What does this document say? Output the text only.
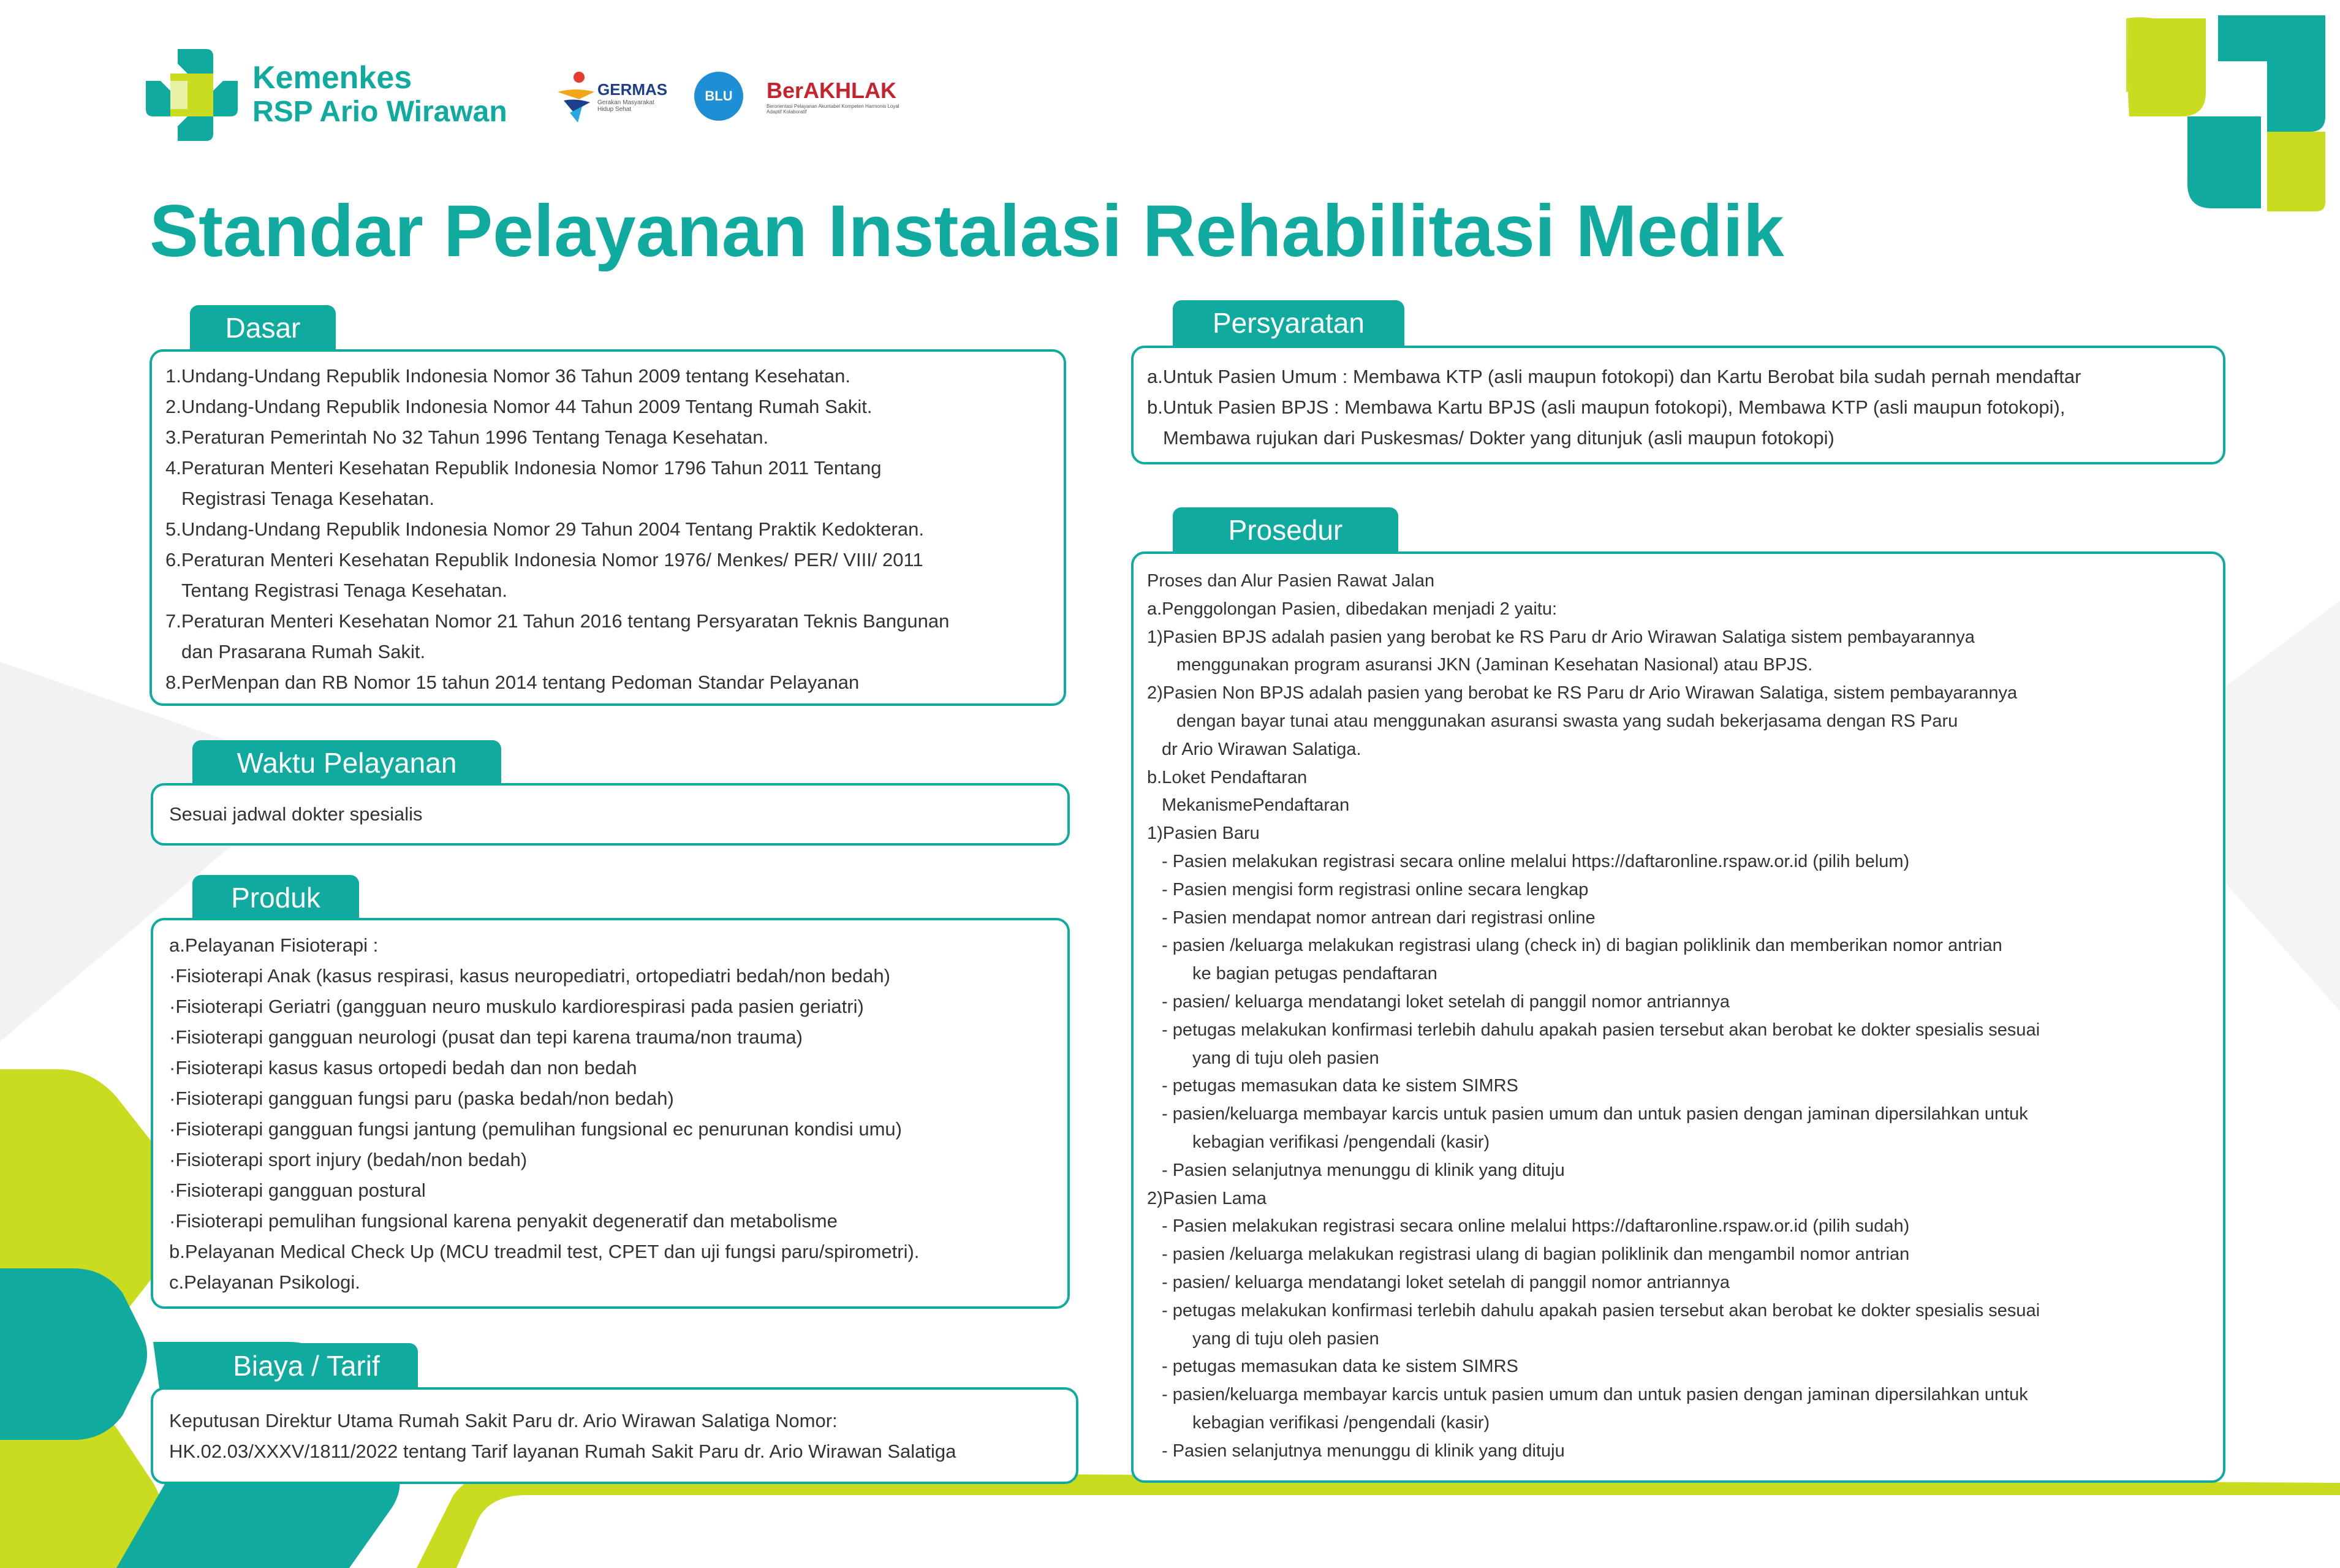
Kemenkes
RSP Ario Wirawan
GERMAS
Gerakan Masyarakat Hidup Sehat
BLU	BerAKHLAK
Berorientasi Pelayanan Akuntabel Kompeten Harmonis Loyal Adaptif Kolaboratif
Standar Pelayanan Instalasi Rehabilitasi Medik
Dasar
1.Undang-Undang Republik Indonesia Nomor 36 Tahun 2009 tentang Kesehatan.
2.Undang-Undang Republik Indonesia Nomor 44 Tahun 2009 Tentang Rumah Sakit.
3.Peraturan Pemerintah No 32 Tahun 1996 Tentang Tenaga Kesehatan.
4.Peraturan Menteri Kesehatan Republik Indonesia Nomor 1796 Tahun 2011 Tentang
Registrasi Tenaga Kesehatan.
5.Undang-Undang Republik Indonesia Nomor 29 Tahun 2004 Tentang Praktik Kedokteran.
6.Peraturan Menteri Kesehatan Republik Indonesia Nomor 1976/ Menkes/ PER/ VIII/ 2011
Tentang Registrasi Tenaga Kesehatan.
7.Peraturan Menteri Kesehatan Nomor 21 Tahun 2016 tentang Persyaratan Teknis Bangunan
dan Prasarana Rumah Sakit.
8.PerMenpan dan RB Nomor 15 tahun 2014 tentang Pedoman Standar Pelayanan
Waktu Pelayanan
Sesuai jadwal dokter spesialis
Produk
a.Pelayanan Fisioterapi :
·Fisioterapi Anak (kasus respirasi, kasus neuropediatri, ortopediatri bedah/non bedah)
·Fisioterapi Geriatri (gangguan neuro muskulo kardiorespirasi pada pasien geriatri)
·Fisioterapi gangguan neurologi (pusat dan tepi karena trauma/non trauma)
·Fisioterapi kasus kasus ortopedi bedah dan non bedah
·Fisioterapi gangguan fungsi paru (paska bedah/non bedah)
·Fisioterapi gangguan fungsi jantung (pemulihan fungsional ec penurunan kondisi umu)
·Fisioterapi sport injury (bedah/non bedah)
·Fisioterapi gangguan postural
·Fisioterapi pemulihan fungsional karena penyakit degeneratif dan metabolisme
b.Pelayanan Medical Check Up (MCU treadmil test, CPET dan uji fungsi paru/spirometri).
c.Pelayanan Psikologi.
Biaya / Tarif
Keputusan Direktur Utama Rumah Sakit Paru dr. Ario Wirawan Salatiga Nomor:
HK.02.03/XXXV/1811/2022 tentang Tarif layanan Rumah Sakit Paru dr. Ario Wirawan Salatiga
Persyaratan
a.Untuk Pasien Umum : Membawa KTP (asli maupun fotokopi) dan Kartu Berobat bila sudah pernah mendaftar
b.Untuk Pasien BPJS : Membawa Kartu BPJS (asli maupun fotokopi), Membawa KTP (asli maupun fotokopi),
Membawa rujukan dari Puskesmas/ Dokter yang ditunjuk (asli maupun fotokopi)
Prosedur
Proses dan Alur Pasien Rawat Jalan
a.Penggolongan Pasien, dibedakan menjadi 2 yaitu:
1)Pasien BPJS adalah pasien yang berobat ke RS Paru dr Ario Wirawan Salatiga sistem pembayarannya
menggunakan program asuransi JKN (Jaminan Kesehatan Nasional) atau BPJS.
2)Pasien Non BPJS adalah pasien yang berobat ke RS Paru dr Ario Wirawan Salatiga, sistem pembayarannya
dengan bayar tunai atau menggunakan asuransi swasta yang sudah bekerjasama dengan RS Paru
dr Ario Wirawan Salatiga.
b.Loket Pendaftaran
MekanismePendaftaran
1)Pasien Baru
- Pasien melakukan registrasi secara online melalui https://daftaronline.rspaw.or.id (pilih belum)
- Pasien mengisi form registrasi online secara lengkap
- Pasien mendapat nomor antrean dari registrasi online
- pasien /keluarga melakukan registrasi ulang (check in) di bagian poliklinik dan memberikan nomor antrian
ke bagian petugas pendaftaran
- pasien/ keluarga mendatangi loket setelah di panggil nomor antriannya
- petugas melakukan konfirmasi terlebih dahulu apakah pasien tersebut akan berobat ke dokter spesialis sesuai
yang di tuju oleh pasien
- petugas memasukan data ke sistem SIMRS
- pasien/keluarga membayar karcis untuk pasien umum dan untuk pasien dengan jaminan dipersilahkan untuk
kebagian verifikasi /pengendali (kasir)
- Pasien selanjutnya menunggu di klinik yang dituju
2)Pasien Lama
- Pasien melakukan registrasi secara online melalui https://daftaronline.rspaw.or.id (pilih sudah)
- pasien /keluarga melakukan registrasi ulang di bagian poliklinik dan mengambil nomor antrian
- pasien/ keluarga mendatangi loket setelah di panggil nomor antriannya
- petugas melakukan konfirmasi terlebih dahulu apakah pasien tersebut akan berobat ke dokter spesialis sesuai
yang di tuju oleh pasien
- petugas memasukan data ke sistem SIMRS
- pasien/keluarga membayar karcis untuk pasien umum dan untuk pasien dengan jaminan dipersilahkan untuk
kebagian verifikasi /pengendali (kasir)
- Pasien selanjutnya menunggu di klinik yang dituju
